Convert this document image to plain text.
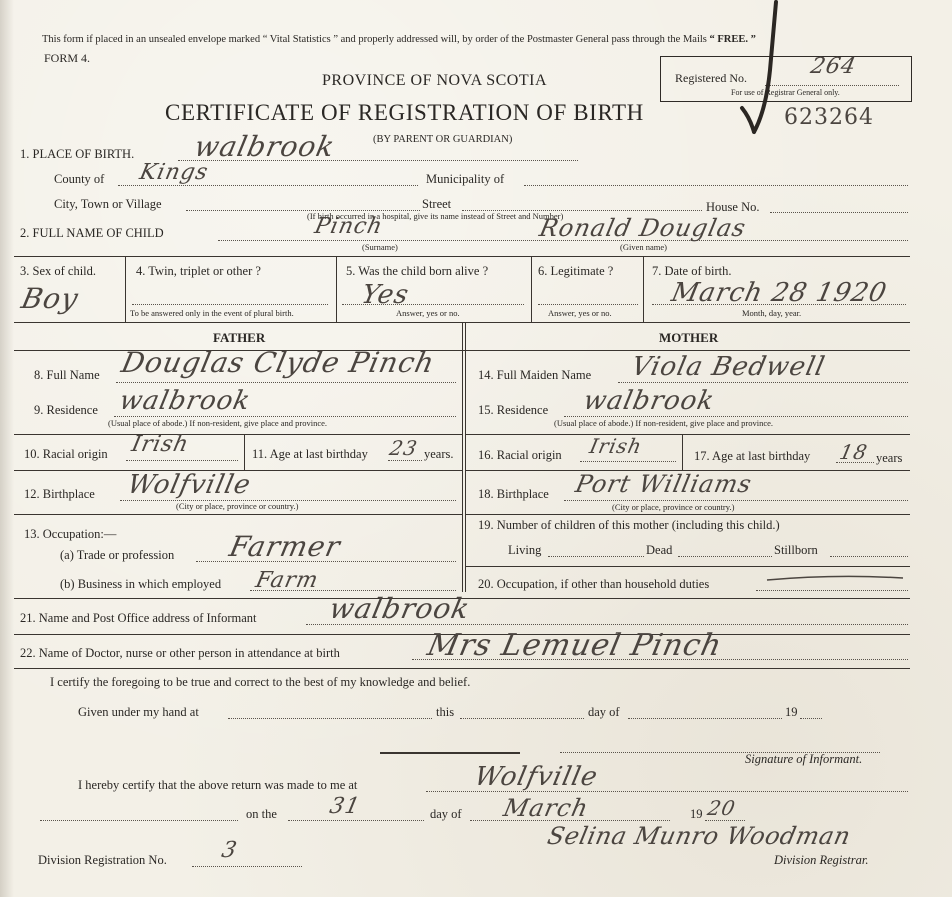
This form if placed in an unsealed envelope marked “ Vital Statistics ” and properly addressed will, by order of the Postmaster General pass through the Mails “ FREE. ”
FORM 4.
PROVINCE OF NOVA SCOTIA
CERTIFICATE OF REGISTRATION OF BIRTH
(BY PARENT OR GUARDIAN)
Registered No.	264
For use of Registrar General only.
623264
1. PLACE OF BIRTH. walbrook
County of Kings	Municipality of
City, Town or Village	Street	House No.
(If birth occurred in a hospital, give its name instead of Street and Number)
2. FULL NAME OF CHILD	Pinch
(Surname)
Ronald Douglas
(Given name)
3. Sex of child.
Boy
4. Twin, triplet or other ?
To be answered only in the event of plural birth.
5. Was the child born alive ?
Yes
Answer, yes or no.
6. Legitimate ?
Answer, yes or no.
7. Date of birth.
March 28 1920
Month, day, year.
FATHER	MOTHER
8. Full Name Douglas Clyde Pinch
9. Residence walbrook
(Usual place of abode.) If non-resident, give place and province.
10. Racial origin Irish	11. Age at last birthday 23 years.
12. Birthplace Wolfville
(City or place, province or country.)
13. Occupation:—
(a) Trade or profession Farmer
(b) Business in which employed Farm
14. Full Maiden Name Viola Bedwell
15. Residence walbrook
(Usual place of abode.) If non-resident, give place and province.
16. Racial origin Irish	17. Age at last birthday 18 years
18. Birthplace Port Williams
(City or place, province or country.)
19. Number of children of this mother (including this child.)
Living	Dead	Stillborn
20. Occupation, if other than household duties
21. Name and Post Office address of Informant walbrook
22. Name of Doctor, nurse or other person in attendance at birth	Mrs Lemuel Pinch
I certify the foregoing to be true and correct to the best of my knowledge and belief.
Given under my hand at	this	day of	19
Signature of Informant.
I hereby certify that the above return was made to me at	Wolfville
on the 31	day of March	19 20
Selina Munro Woodman
Division Registrar.
Division Registration No. 3
